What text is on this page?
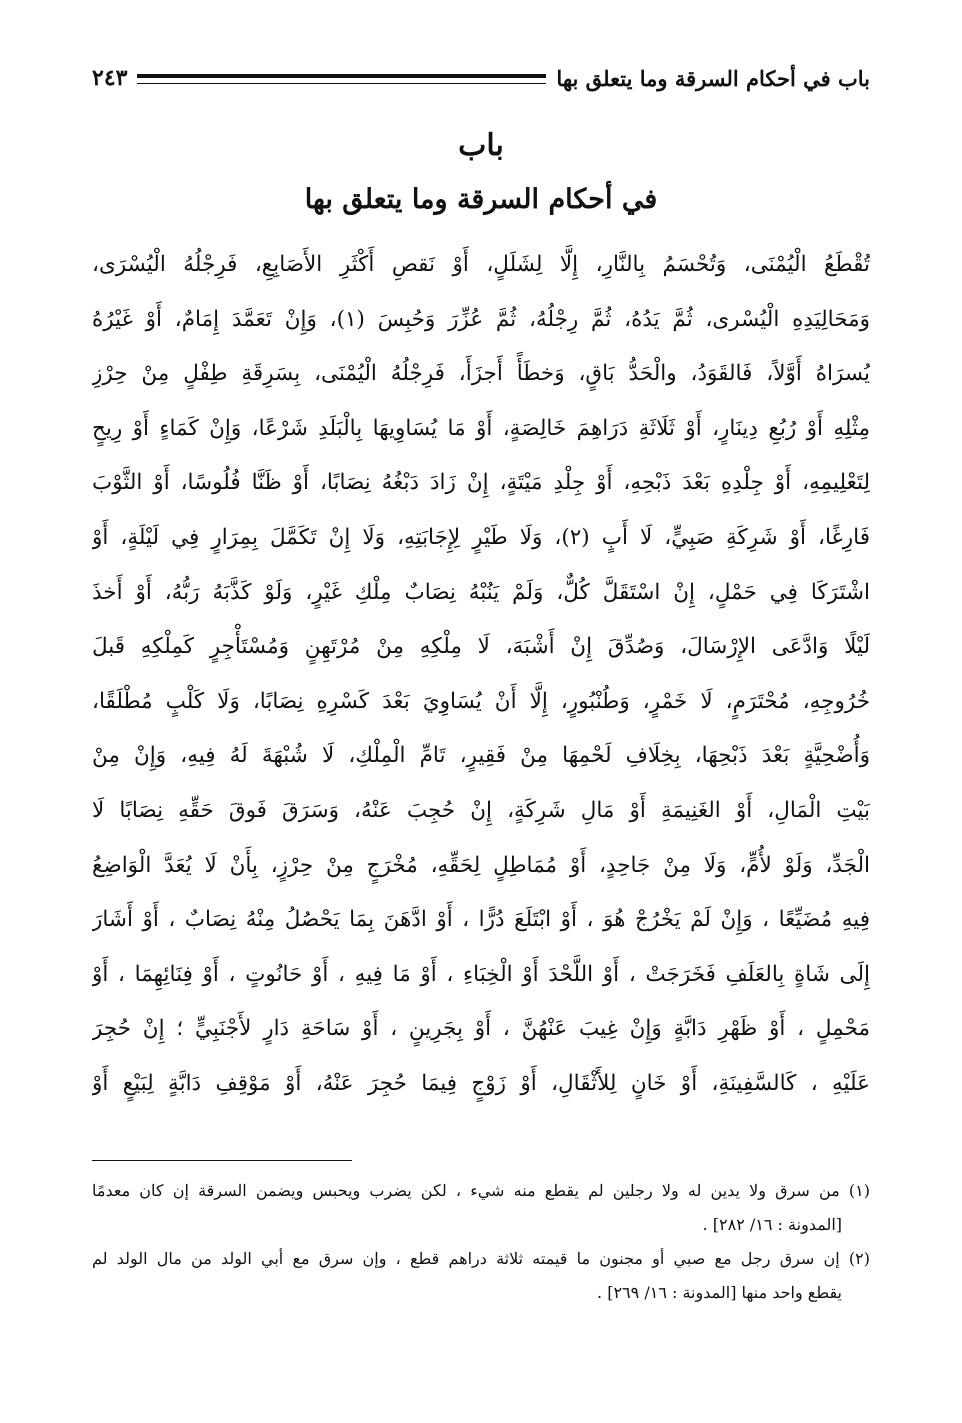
باب في أحكام السرقة وما يتعلق بها
٢٤٣
باب
في أحكام السرقة وما يتعلق بها
تُقْطَعُ الْيُمْنَى، وَتُحْسَمُ بِالنَّارِ، إِلَّا لِشَلَلٍ، أَوْ نَقصِ أَكْثَرِ الأَصَابِعِ، فَرِجْلُهُ الْيُسْرَى،
وَمَحَالِيَدِهِ الْيُسْرى، ثُمَّ يَدُهُ، ثُمَّ رِجْلُهُ، ثُمَّ عُزِّرَ وَحُبِسَ (١)، وَإِنْ تَعَمَّدَ إِمَامٌ، أَوْ غَيْرُهُ
يُسرَاهُ أَوَّلاً، فَالقَوَدُ، والْحَدُّ بَاقٍ، وَخطَأً أَجزَأَ، فَرِجْلُهُ الْيُمْنَى، بِسَرِقَةِ طِفْلٍ مِنْ حِرْزِ
مِثْلِهِ أَوْ رُبُعِ دِينَارٍ، أَوْ ثَلَاثَةِ دَرَاهِمَ خَالِصَةٍ، أَوْ مَا يُسَاوِيهَا بِالْبَلَدِ شَرْعًا، وَإِنْ كَمَاءٍ أَوْ رِيحٍ
لِتَعْلِيمِهِ، أَوْ جِلْدِهِ بَعْدَ ذَبْحِهِ، أَوْ جِلْدِ مَيْتَةٍ، إِنْ زَادَ دَبْغُهُ نِصَابًا، أَوْ ظَنَّا فُلُوسًا، أَوْ الثَّوْبَ
فَارِغًا، أَوْ شَرِكَةِ صَبِيٍّ، لَا أَبٍ (٢)، وَلَا طَيْرٍ لِإِجَابَتِهِ، وَلَا إِنْ تَكَمَّلَ بِمِرَارٍ فِي لَيْلَةٍ، أَوْ
اشْتَرَكَا فِي حَمْلٍ، إِنْ اسْتَقَلَّ كُلٌّ، وَلَمْ يَنُبْهُ نِصَابٌ مِلْكِ غَيْرٍ، وَلَوْ كَذَّبَهُ رَبُّهُ، أَوْ أَخذَ
لَيْلًا وَادَّعَى الإِرْسَالَ، وَصُدِّقَ إِنْ أَشْبَهَ، لَا مِلْكِهِ مِنْ مُرْتَهِنٍ وَمُسْتَأْجِرٍ كَمِلْكِهِ قَبلَ
خُرُوجِهِ، مُحْتَرَمٍ، لَا خَمْرٍ، وَطُنْبُورٍ، إِلَّا أَنْ يُسَاوِيَ بَعْدَ كَسْرِهِ نِصَابًا، وَلَا كَلْبٍ مُطْلَقًا،
وَأُضْحِيَّةٍ بَعْدَ ذَبْحِهَا، بِخِلَافِ لَحْمِهَا مِنْ فَقِيرٍ، تَامِّ الْمِلْكِ، لَا شُبْهَةَ لَهُ فِيهِ، وَإِنْ مِنْ
بَيْتِ الْمَالِ، أَوْ الغَنِيمَةِ أَوْ مَالِ شَرِكَةٍ، إِنْ حُجِبَ عَنْهُ، وَسَرَقَ فَوقَ حَقِّهِ نِصَابًا لَا
الْجَدِّ، وَلَوْ لأُمٍّ، وَلَا مِنْ جَاحِدٍ، أَوْ مُمَاطِلٍ لِحَقِّهِ، مُخْرَجٍ مِنْ حِرْزٍ، بِأَنْ لَا يُعَدَّ الْوَاضِعُ
فِيهِ مُضَيِّعًا ، وَإِنْ لَمْ يَخْرُجْ هُوَ ، أَوْ ابْتَلَعَ دُرًّا ، أَوْ ادَّهَنَ بِمَا يَحْصُلُ مِنْهُ نِصَابٌ ، أَوْ أَشَارَ
إِلَى شَاةٍ بِالعَلَفِ فَخَرَجَتْ ، أَوْ اللَّحْدَ أَوْ الْخِبَاءِ ، أَوْ مَا فِيهِ ، أَوْ حَانُوتٍ ، أَوْ فِنَائِهِمَا ، أَوْ
مَحْمِلٍ ، أَوْ ظَهْرِ دَابَّةٍ وَإِنْ غِيبَ عَنْهُنَّ ، أَوْ بِجَرِينٍ ، أَوْ سَاحَةِ دَارٍ لأَجْنَبِيٍّ ؛ إِنْ حُجِرَ
عَلَيْهِ ، كَالسَّفِينَةِ، أَوْ خَانٍ لِلأَثْقَالِ، أَوْ زَوْجٍ فِيمَا حُجِرَ عَنْهُ، أَوْ مَوْقِفِ دَابَّةٍ لِبَيْعٍ أَوْ
(١) من سرق ولا يدين له ولا رجلين لم يقطع منه شيء ، لكن يضرب ويحبس ويضمن السرقة إن كان معدمًا
[المدونة : ١٦/ ٢٨٢] .
(٢) إن سرق رجل مع صبي أو مجنون ما قيمته ثلاثة دراهم قطع ، وإن سرق مع أبي الولد من مال الولد لم
يقطع واحد منها [المدونة : ١٦/ ٢٦٩] .
